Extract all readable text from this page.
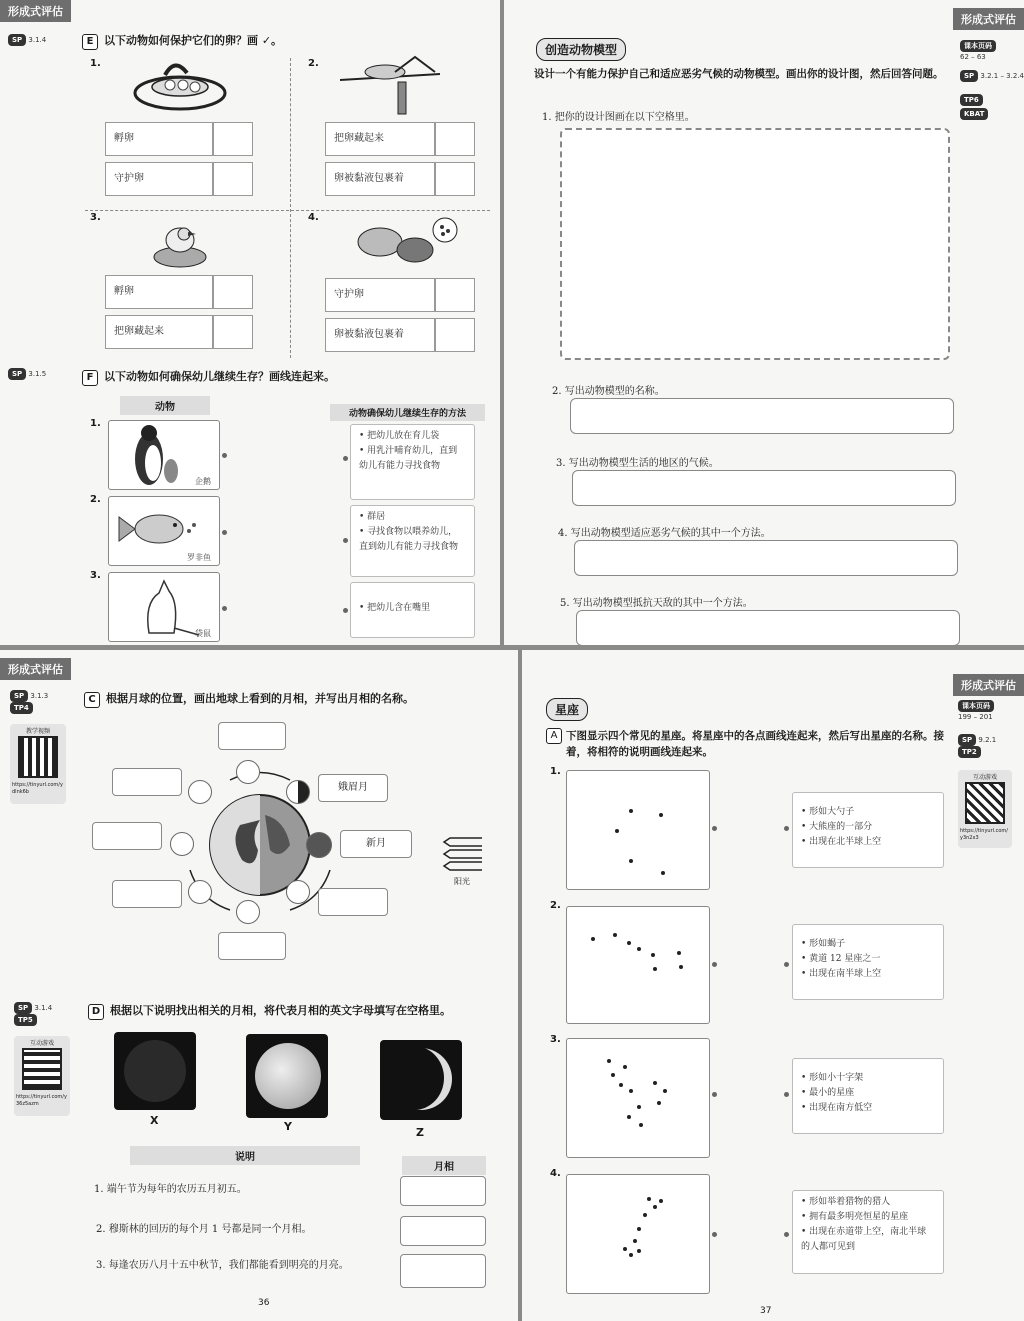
形成式评估
SP 3.1.4	E 以下动物如何保护它们的卵？画 ✓。
1.
孵卵
守护卵
2.
把卵藏起来
卵被黏液包裹着
3.
孵卵
把卵藏起来
4.
守护卵
卵被黏液包裹着
SP 3.1.5	F 以下动物如何确保幼儿继续生存？画线连起来。
动物
动物确保幼儿继续生存的方法
1.
企鹅
2.
罗非鱼
3.
袋鼠
• 把幼儿放在育儿袋
• 用乳汁哺育幼儿，直到幼儿有能力寻找食物
• 群居
• 寻找食物以喂养幼儿，直到幼儿有能力寻找食物
• 把幼儿含在嘴里
形成式评估
课本页码
62 – 63
SP 3.2.1 – 3.2.4
TP6
KBAT
创造动物模型
设计一个有能力保护自己和适应恶劣气候的动物模型。画出你的设计图，然后回答问题。
1. 把你的设计图画在以下空格里。
2. 写出动物模型的名称。
3. 写出动物模型生活的地区的气候。
4. 写出动物模型适应恶劣气候的其中一个方法。
5. 写出动物模型抵抗天敌的其中一个方法。
形成式评估
SP 3.1.3
TP4
教学视频
https://tinyurl.com/ydlnk6b
C 根据月球的位置，画出地球上看到的月相，并写出月相的名称。
娥眉月
新月
阳光
SP 3.1.4
TP5
互动游戏
https://tinyurl.com/y36z5azm
D 根据以下说明找出相关的月相，将代表月相的英文字母填写在空格里。
X	Y	Z
说明
月相
1. 端午节为每年的农历五月初五。
2. 穆斯林的回历的每个月 1 号都是同一个月相。
3. 每逢农历八月十五中秋节，我们都能看到明亮的月亮。
36
形成式评估
课本页码
199 – 201
SP 9.2.1
TP2
互动游戏
https://tinyurl.com/y3n2x3
星座
A 下图显示四个常见的星座。将星座中的各点画线连起来，然后写出星座的名称。接着，将相符的说明画线连起来。
1.
• 形如大勺子
• 大熊座的一部分
• 出现在北半球上空
2.
• 形如蝎子
• 黄道 12 星座之一
• 出现在南半球上空
3.
• 形如小十字架
• 最小的星座
• 出现在南方低空
4.
• 形如举着猎物的猎人
• 拥有最多明亮恒星的星座
• 出现在赤道带上空，南北半球的人都可见到
37
